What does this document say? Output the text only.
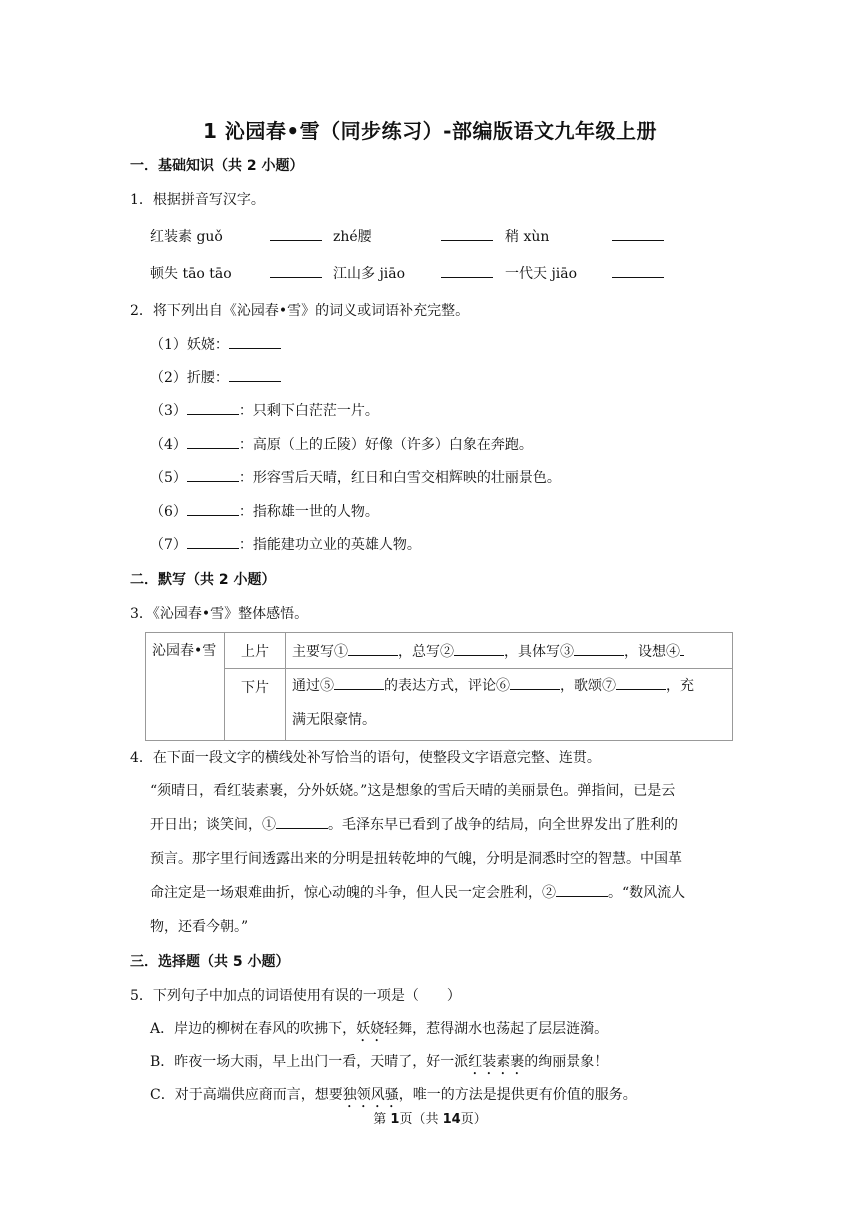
1 沁园春•雪（同步练习）-部编版语文九年级上册
一．基础知识（共 2 小题）
1．根据拼音写汉字。
红装素 guǒ	zhé腰	稍 xùn
顿失 tāo tāo	江山多 jiāo	一代天 jiāo
2．将下列出自《沁园春•雪》的词义或词语补充完整。
（1）妖娆：
（2）折腰：
（3）	：只剩下白茫茫一片。
（4）	：高原（上的丘陵）好像（许多）白象在奔跑。
（5）	：形容雪后天晴，红日和白雪交相辉映的壮丽景色。
（6）	：指称雄一世的人物。
（7）	：指能建功立业的英雄人物。
二．默写（共 2 小题）
3．《沁园春•雪》整体感悟。
沁园春•雪	上片	主要写① ，总写② ，具体写③ ，设想④
	下片	通过⑤ 的表达方式，评论⑥ ，歌颂⑦ ，充
满无限豪情。
4．在下面一段文字的横线处补写恰当的语句，使整段文字语意完整、连贯。
“须晴日，看红装素裹，分外妖娆。”这是想象的雪后天晴的美丽景色。弹指间，已是云
开日出；谈笑间，①	。毛泽东早已看到了战争的结局，向全世界发出了胜利的
预言。那字里行间透露出来的分明是扭转乾坤的气魄，分明是洞悉时空的智慧。中国革
命注定是一场艰难曲折，惊心动魄的斗争，但人民一定会胜利，②	。“数风流人
物，还看今朝。”
三．选择题（共 5 小题）
5．下列句子中加点的词语使用有误的一项是（　　）
A．岸边的柳树在春风的吹拂下，妖娆轻舞，惹得湖水也荡起了层层涟漪。
B．昨夜一场大雨，早上出门一看，天晴了，好一派红装素裹的绚丽景象！
C．对于高端供应商而言，想要独领风骚，唯一的方法是提供更有价值的服务。
第 1页（共 14页）
